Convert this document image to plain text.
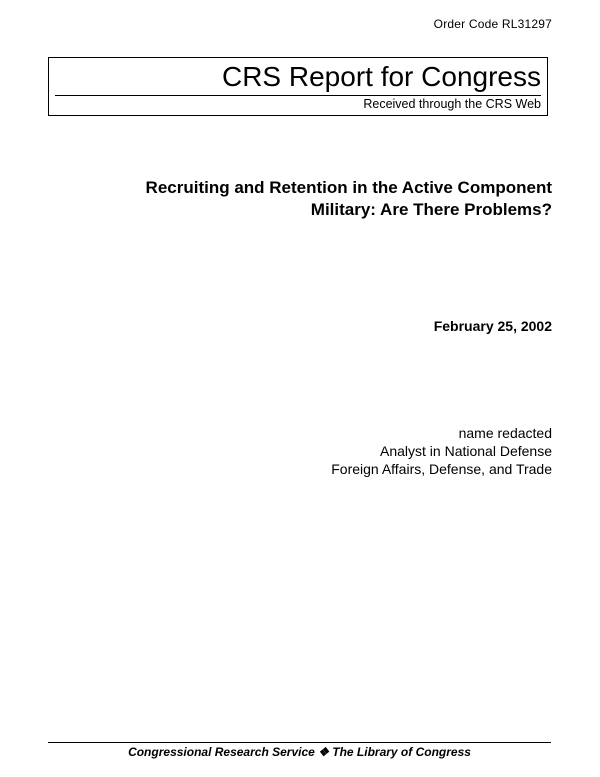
Order Code RL31297
CRS Report for Congress
Received through the CRS Web
Recruiting and Retention in the Active Component
Military: Are There Problems?
February 25, 2002
name redacted
Analyst in National Defense
Foreign Affairs, Defense, and Trade
Congressional Research Service ❖ The Library of Congress
